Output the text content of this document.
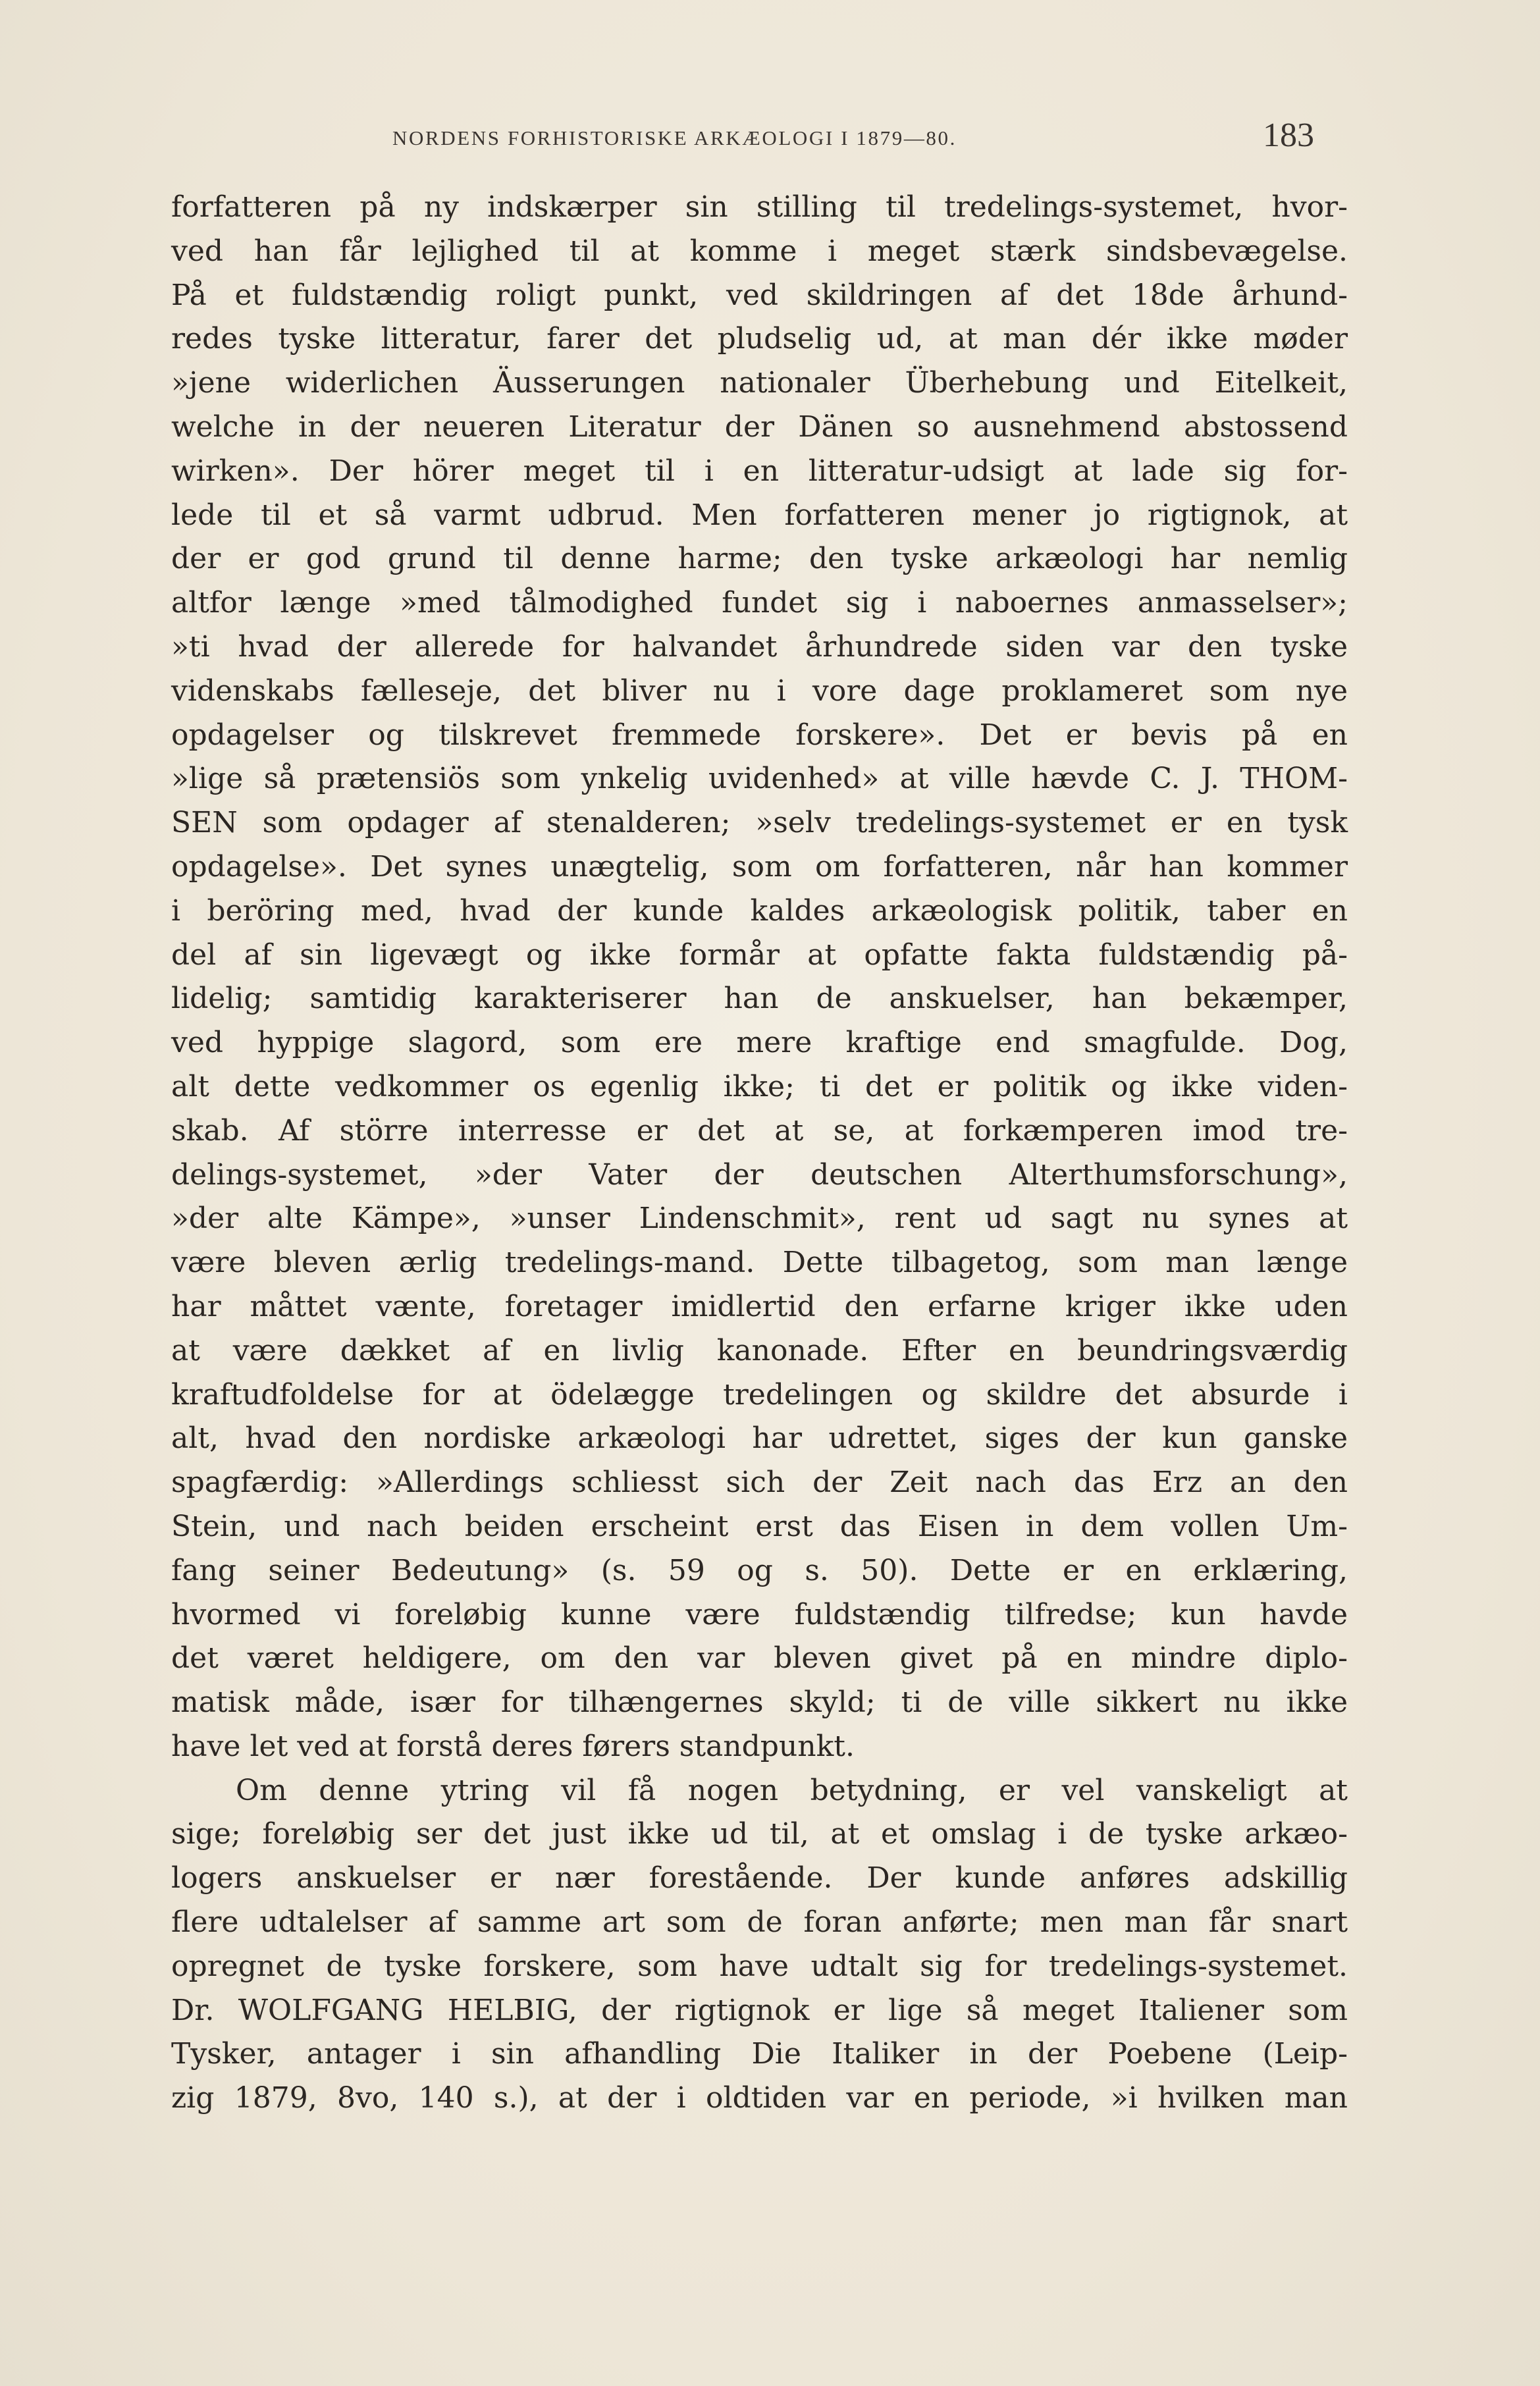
NORDENS FORHISTORISKE ARKÆOLOGI I 1879—80.	183
forfatteren på ny indskærper sin stilling til tredelings-systemet, hvor-
ved han får lejlighed til at komme i meget stærk sindsbevægelse.
På et fuldstændig roligt punkt, ved skildringen af det 18de århund-
redes tyske litteratur, farer det pludselig ud, at man dér ikke møder
»jene widerlichen Äusserungen nationaler Überhebung und Eitelkeit,
welche in der neueren Literatur der Dänen so ausnehmend abstossend
wirken». Der hörer meget til i en litteratur-udsigt at lade sig for-
lede til et så varmt udbrud. Men forfatteren mener jo rigtignok, at
der er god grund til denne harme; den tyske arkæologi har nemlig
altfor længe »med tålmodighed fundet sig i naboernes anmasselser»;
»ti hvad der allerede for halvandet århundrede siden var den tyske
videnskabs fælleseje, det bliver nu i vore dage proklameret som nye
opdagelser og tilskrevet fremmede forskere». Det er bevis på en
»lige så prætensiös som ynkelig uvidenhed» at ville hævde C. J. THOM-
SEN som opdager af stenalderen; »selv tredelings-systemet er en tysk
opdagelse». Det synes unægtelig, som om forfatteren, når han kommer
i beröring med, hvad der kunde kaldes arkæologisk politik, taber en
del af sin ligevægt og ikke formår at opfatte fakta fuldstændig på-
lidelig; samtidig karakteriserer han de anskuelser, han bekæmper,
ved hyppige slagord, som ere mere kraftige end smagfulde. Dog,
alt dette vedkommer os egenlig ikke; ti det er politik og ikke viden-
skab. Af större interresse er det at se, at forkæmperen imod tre-
delings-systemet, »der Vater der deutschen Alterthumsforschung»,
»der alte Kämpe», »unser Lindenschmit», rent ud sagt nu synes at
være bleven ærlig tredelings-mand. Dette tilbagetog, som man længe
har måttet vænte, foretager imidlertid den erfarne kriger ikke uden
at være dækket af en livlig kanonade. Efter en beundringsværdig
kraftudfoldelse for at ödelægge tredelingen og skildre det absurde i
alt, hvad den nordiske arkæologi har udrettet, siges der kun ganske
spagfærdig: »Allerdings schliesst sich der Zeit nach das Erz an den
Stein, und nach beiden erscheint erst das Eisen in dem vollen Um-
fang seiner Bedeutung» (s. 59 og s. 50). Dette er en erklæring,
hvormed vi foreløbig kunne være fuldstændig tilfredse; kun havde
det været heldigere, om den var bleven givet på en mindre diplo-
matisk måde, især for tilhængernes skyld; ti de ville sikkert nu ikke
have let ved at forstå deres førers standpunkt.
Om denne ytring vil få nogen betydning, er vel vanskeligt at
sige; foreløbig ser det just ikke ud til, at et omslag i de tyske arkæo-
logers anskuelser er nær forestående. Der kunde anføres adskillig
flere udtalelser af samme art som de foran anførte; men man får snart
opregnet de tyske forskere, som have udtalt sig for tredelings-systemet.
Dr. WOLFGANG HELBIG, der rigtignok er lige så meget Italiener som
Tysker, antager i sin afhandling Die Italiker in der Poebene (Leip-
zig 1879, 8vo, 140 s.), at der i oldtiden var en periode, »i hvilken man
